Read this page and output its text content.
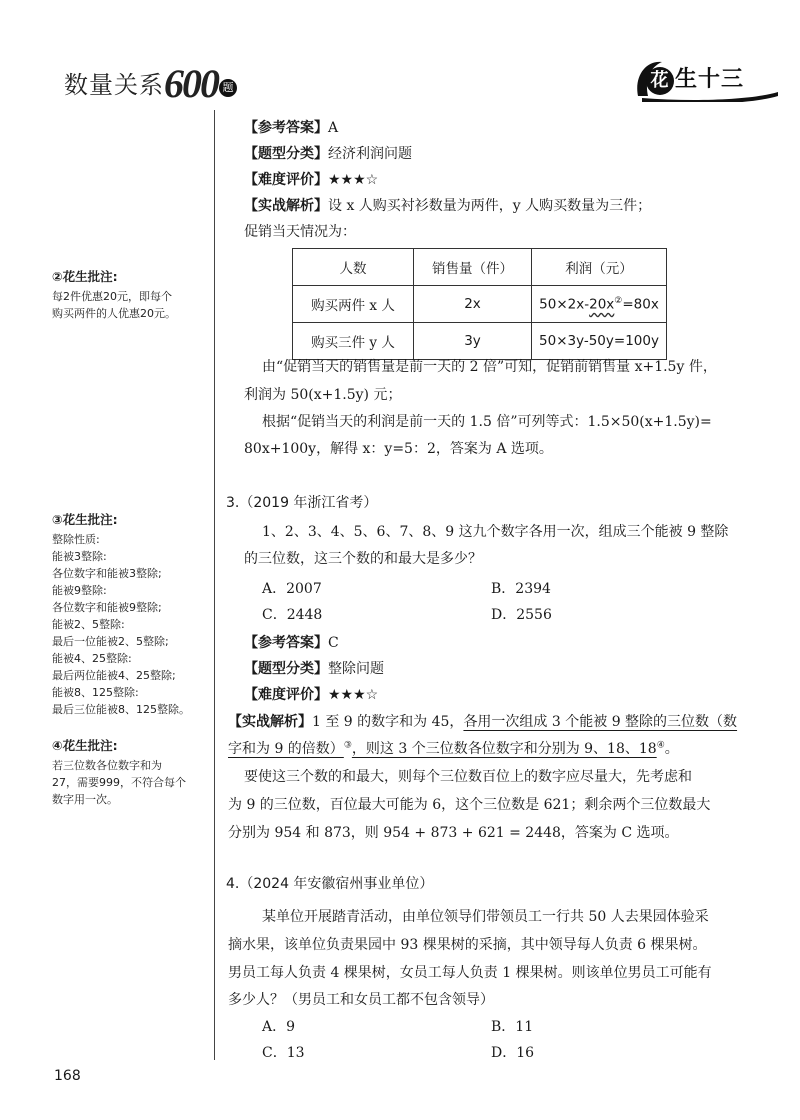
数量关系600 题	花 生十三
②花生批注:
每2件优惠20元，即每个
购买两件的人优惠20元。
③花生批注:
整除性质:
能被3整除:
各位数字和能被3整除;
能被9整除:
各位数字和能被9整除;
能被2、5整除:
最后一位能被2、5整除;
能被4、25整除:
最后两位能被4、25整除;
能被8、125整除:
最后三位能被8、125整除。
④花生批注:
若三位数各位数字和为
27，需要999，不符合每个
数字用一次。
【参考答案】A
【题型分类】经济利润问题
【难度评价】★★★☆
【实战解析】设 x 人购买衬衫数量为两件，y 人购买数量为三件；
促销当天情况为：
人数	销售量（件）	利润（元）
购买两件 x 人	2x	50×2x-20x②=80x
购买三件 y 人	3y	50×3y-50y=100y
由“促销当天的销售量是前一天的 2 倍”可知，促销前销售量 x+1.5y 件，
利润为 50(x+1.5y) 元；
根据“促销当天的利润是前一天的 1.5 倍”可列等式：1.5×50(x+1.5y)=
80x+100y，解得 x：y=5：2，答案为 A 选项。
3.（2019 年浙江省考）
1、2、3、4、5、6、7、8、9 这九个数字各用一次，组成三个能被 9 整除
的三位数，这三个数的和最大是多少？
A．2007	B．2394
C．2448	D．2556
【参考答案】C
【题型分类】整除问题
【难度评价】★★★☆
【实战解析】1 至 9 的数字和为 45，各用一次组成 3 个能被 9 整除的三位数（数
字和为 9 的倍数）③，则这 3 个三位数各位数字和分别为 9、18、18④。
要使这三个数的和最大，则每个三位数百位上的数字应尽量大，先考虑和
为 9 的三位数，百位最大可能为 6，这个三位数是 621；剩余两个三位数最大
分别为 954 和 873，则 954 + 873 + 621 = 2448，答案为 C 选项。
4.（2024 年安徽宿州事业单位）
某单位开展踏青活动，由单位领导们带领员工一行共 50 人去果园体验采
摘水果，该单位负责果园中 93 棵果树的采摘，其中领导每人负责 6 棵果树。
男员工每人负责 4 棵果树，女员工每人负责 1 棵果树。则该单位男员工可能有
多少人？（男员工和女员工都不包含领导）
A．9	B．11
C．13	D．16
168
